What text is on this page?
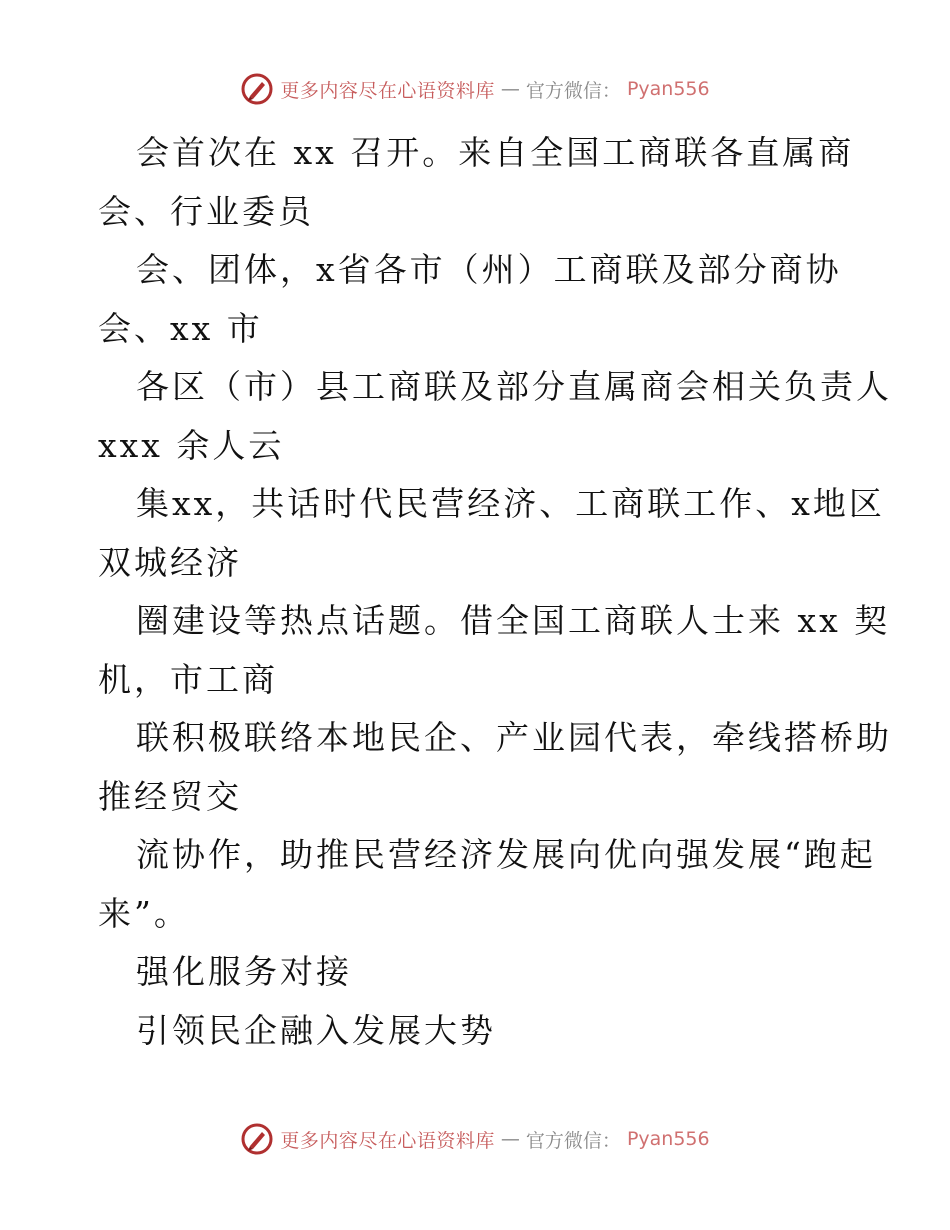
更多内容尽在心语资料库 — 官方微信： Pyan556
会首次在 xx 召开。来自全国工商联各直属商
会、行业委员
会、团体，x省各市（州）工商联及部分商协
会、xx 市
各区（市）县工商联及部分直属商会相关负责人
xxx 余人云
集xx，共话时代民营经济、工商联工作、x地区
双城经济
圈建设等热点话题。借全国工商联人士来 xx 契
机，市工商
联积极联络本地民企、产业园代表，牵线搭桥助
推经贸交
流协作，助推民营经济发展向优向强发展“跑起
来”。
强化服务对接
引领民企融入发展大势
更多内容尽在心语资料库 — 官方微信： Pyan556
